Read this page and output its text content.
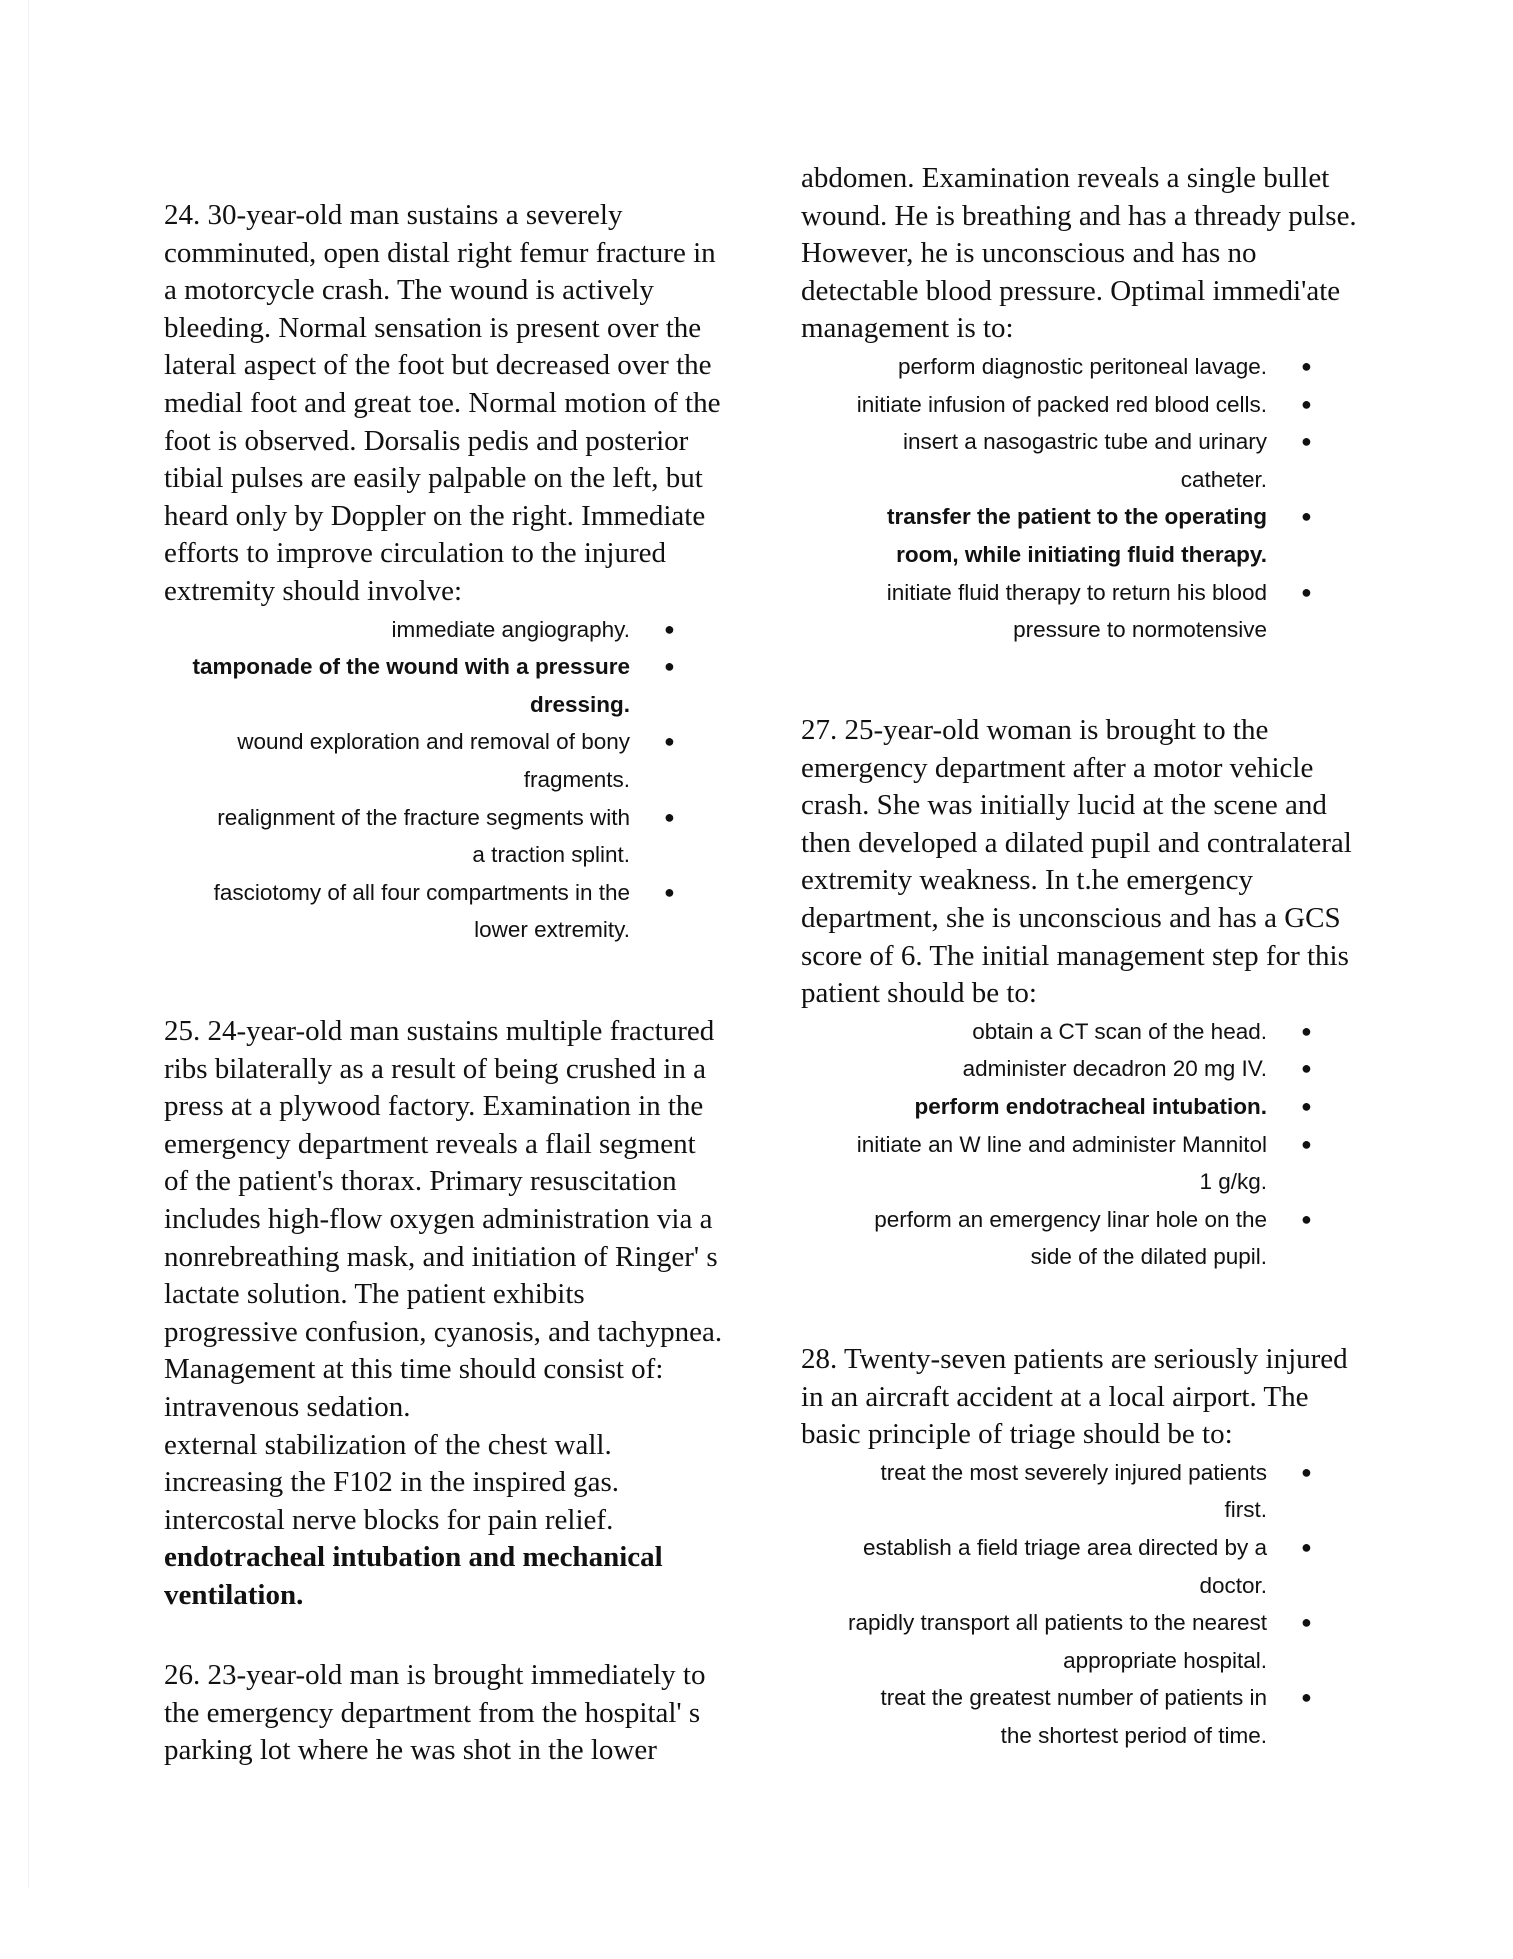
24. 30-year-old man sustains a severely
comminuted, open distal right femur fracture in
a motorcycle crash. The wound is actively
bleeding. Normal sensation is present over the
lateral aspect of the foot but decreased over the
medial foot and great toe. Normal motion of the
foot is observed. Dorsalis pedis and posterior
tibial pulses are easily palpable on the left, but
heard only by Doppler on the right. Immediate
efforts to improve circulation to the injured
extremity should involve:
immediate angiography. ●
tamponade of the wound with a pressure
dressing.
●
wound exploration and removal of bony
fragments.
●
realignment of the fracture segments with
a traction splint.
●
fasciotomy of all four compartments in the
lower extremity.
●
25. 24-year-old man sustains multiple fractured
ribs bilaterally as a result of being crushed in a
press at a plywood factory. Examination in the
emergency department reveals a flail segment
of the patient's thorax. Primary resuscitation
includes high-flow oxygen administration via a
nonrebreathing mask, and initiation of Ringer' s
lactate solution. The patient exhibits
progressive confusion, cyanosis, and tachypnea.
Management at this time should consist of:
intravenous sedation.
external stabilization of the chest wall.
increasing the F102 in the inspired gas.
intercostal nerve blocks for pain relief.
endotracheal intubation and mechanical
ventilation.
26. 23-year-old man is brought immediately to
the emergency department from the hospital' s
parking lot where he was shot in the lower
abdomen. Examination reveals a single bullet
wound. He is breathing and has a thready pulse.
However, he is unconscious and has no
detectable blood pressure. Optimal immedi'ate
management is to:
perform diagnostic peritoneal lavage. ●
initiate infusion of packed red blood cells. ●
insert a nasogastric tube and urinary
catheter.
●
transfer the patient to the operating
room, while initiating fluid therapy.
●
initiate fluid therapy to return his blood
pressure to normotensive
●
27. 25-year-old woman is brought to the
emergency department after a motor vehicle
crash. She was initially lucid at the scene and
then developed a dilated pupil and contralateral
extremity weakness. In t.he emergency
department, she is unconscious and has a GCS
score of 6. The initial management step for this
patient should be to:
obtain a CT scan of the head. ●
administer decadron 20 mg IV. ●
perform endotracheal intubation. ●
initiate an W line and administer Mannitol
1 g/kg.
●
perform an emergency linar hole on the
side of the dilated pupil.
●
28. Twenty-seven patients are seriously injured
in an aircraft accident at a local airport. The
basic principle of triage should be to:
treat the most severely injured patients
first.
●
establish a field triage area directed by a
doctor.
●
rapidly transport all patients to the nearest
appropriate hospital.
●
treat the greatest number of patients in
the shortest period of time.
●
